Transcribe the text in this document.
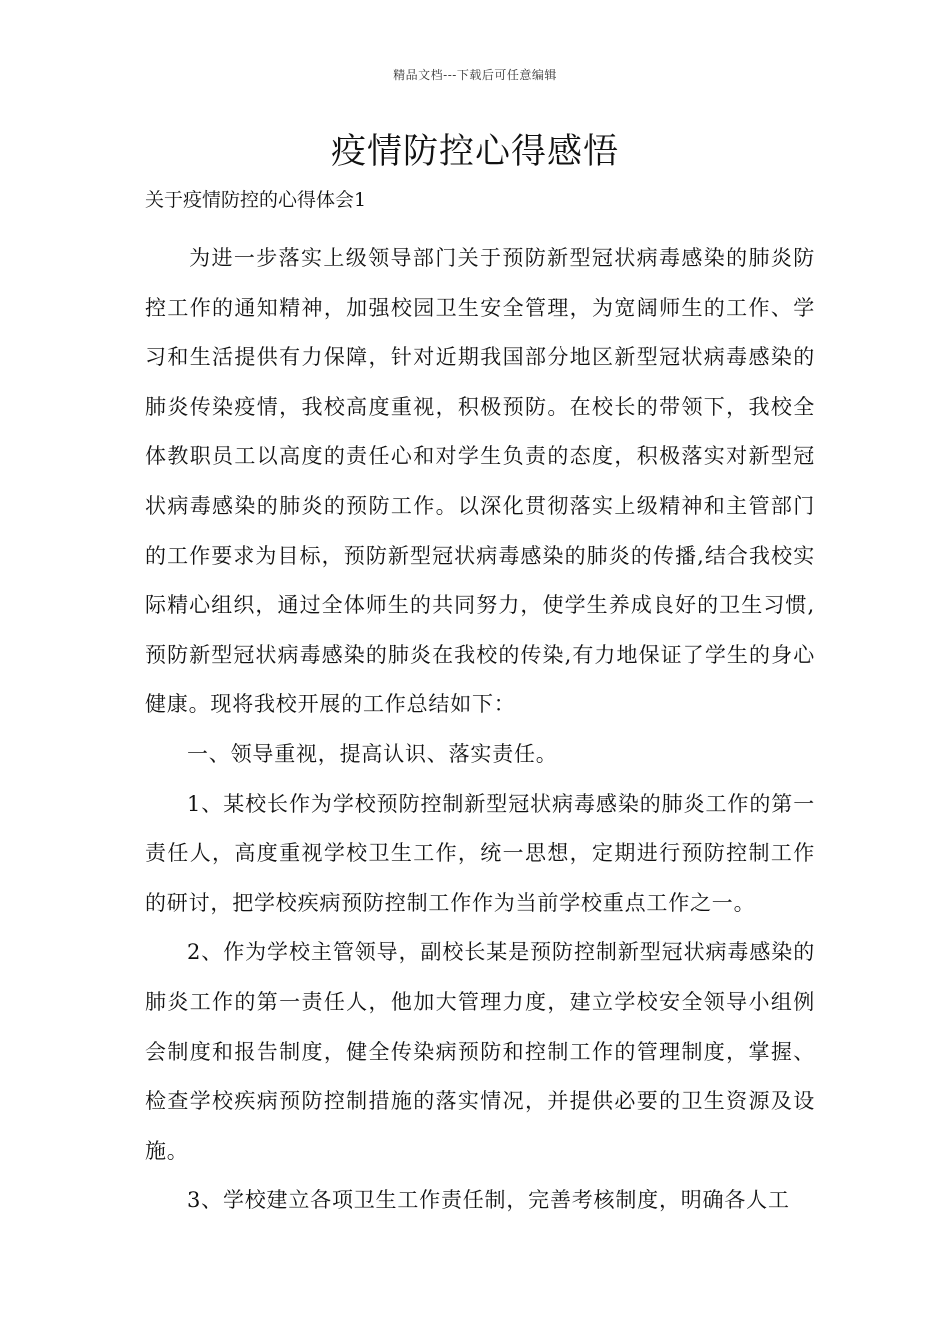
精品文档---下载后可任意编辑
疫情防控心得感悟
关于疫情防控的心得体会1

为进一步落实上级领导部门关于预防新型冠状病毒感染的肺炎防控工作的通知精神，加强校园卫生安全管理，为宽阔师生的工作、学习和生活提供有力保障，针对近期我国部分地区新型冠状病毒感染的肺炎传染疫情，我校高度重视，积极预防。在校长的带领下，我校全体教职员工以高度的责任心和对学生负责的态度，积极落实对新型冠状病毒感染的肺炎的预防工作。以深化贯彻落实上级精神和主管部门的工作要求为目标，预防新型冠状病毒感染的肺炎的传播,结合我校实际精心组织，通过全体师生的共同努力，使学生养成良好的卫生习惯,预防新型冠状病毒感染的肺炎在我校的传染,有力地保证了学生的身心健康。现将我校开展的工作总结如下：

一、领导重视，提高认识、落实责任。

1、某校长作为学校预防控制新型冠状病毒感染的肺炎工作的第一责任人，高度重视学校卫生工作，统一思想，定期进行预防控制工作的研讨，把学校疾病预防控制工作作为当前学校重点工作之一。

2、作为学校主管领导，副校长某是预防控制新型冠状病毒感染的肺炎工作的第一责任人，他加大管理力度，建立学校安全领导小组例会制度和报告制度，健全传染病预防和控制工作的管理制度，掌握、检查学校疾病预防控制措施的落实情况，并提供必要的卫生资源及设施。

3、学校建立各项卫生工作责任制，完善考核制度，明确各人工
